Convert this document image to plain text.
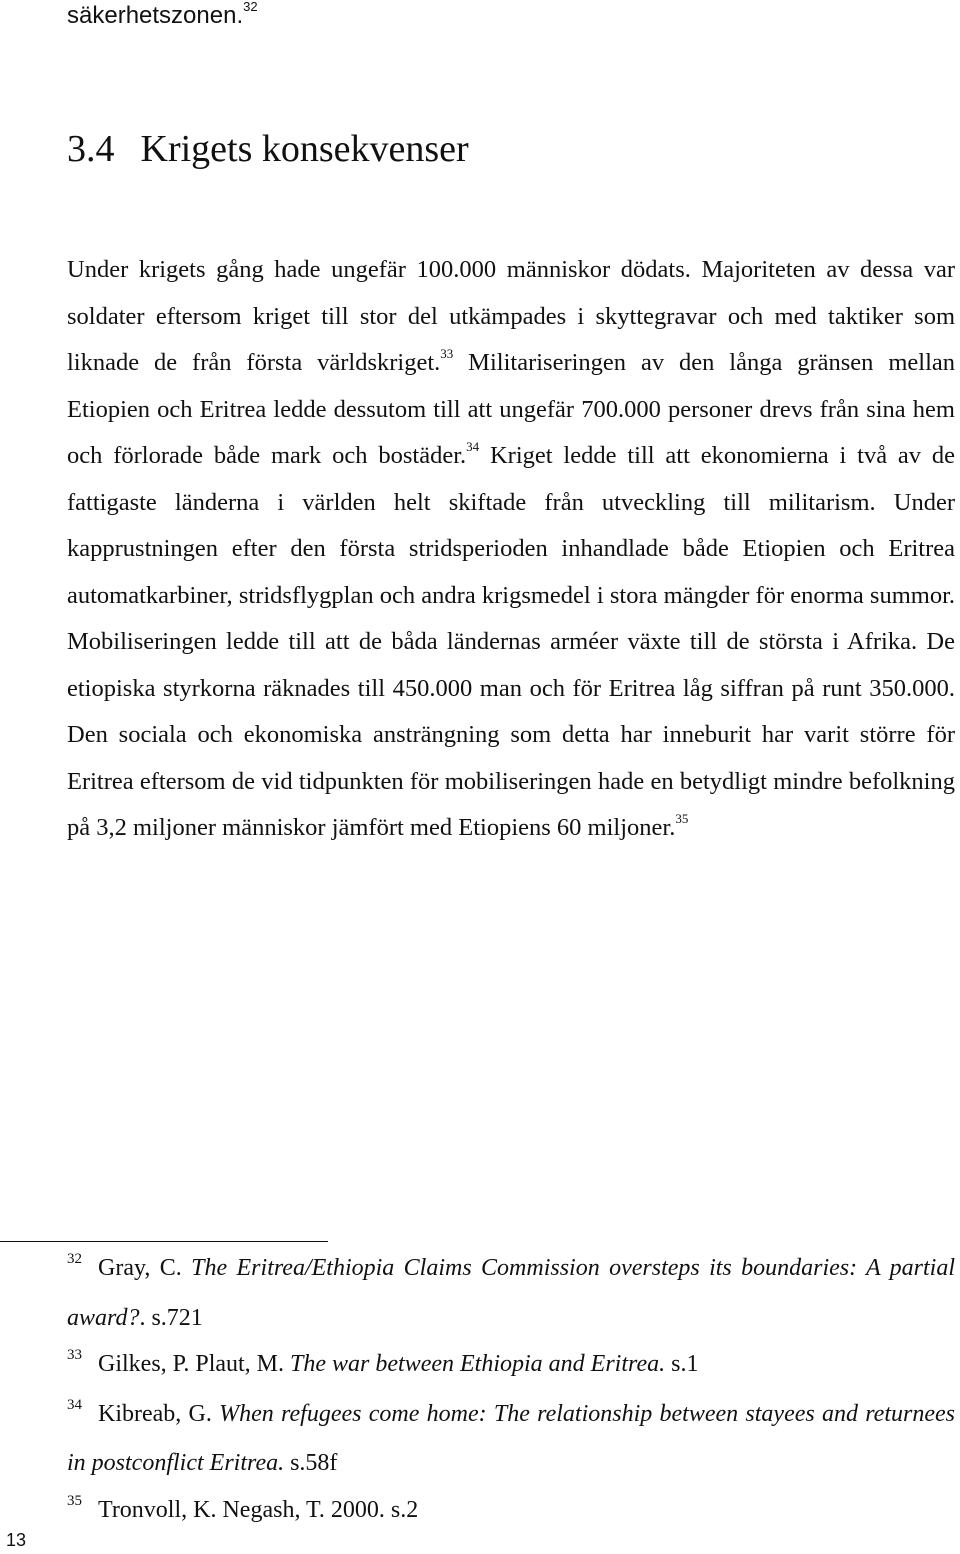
säkerhetszonen.$^{32}$

3.4 Krigets konsekvenser

Under krigets gång hade ungefär 100.000 människor dödats. Majoriteten av dessa var soldater eftersom kriget till stor del utkämpades i skyttegravar och med taktiker som liknade de från första världskriget.$^{33}$ Militariseringen av den långa gränsen mellan Etiopien och Eritrea ledde dessutom till att ungefär 700.000 personer drevs från sina hem och förlorade både mark och bostäder.$^{34}$ Kriget ledde till att ekonomierna i två av de fattigaste länderna i världen helt skiftade från utveckling till militarism. Under kapprustningen efter den första stridsperioden inhandlade både Etiopien och Eritrea automatkarbiner, stridsflygplan och andra krigsmedel i stora mängder för enorma summor. Mobiliseringen ledde till att de båda ländernas arméer växte till de största i Afrika. De etiopiska styrkorna räknades till 450.000 man och för Eritrea låg siffran på runt 350.000. Den sociala och ekonomiska ansträngning som detta har inneburit har varit större för Eritrea eftersom de vid tidpunkten för mobiliseringen hade en betydligt mindre befolkning på 3,2 miljoner människor jämfört med Etiopiens 60 miljoner.$^{35}$

$^{32}$ Gray, C. The Eritrea/Ethiopia Claims Commission oversteps its boundaries: A partial award?. s.721
$^{33}$ Gilkes, P. Plaut, M. The war between Ethiopia and Eritrea. s.1
$^{34}$ Kibreab, G. When refugees come home: The relationship between stayees and returnees in postconflict Eritrea. s.58f
$^{35}$ Tronvoll, K. Negash, T. 2000. s.2

13
